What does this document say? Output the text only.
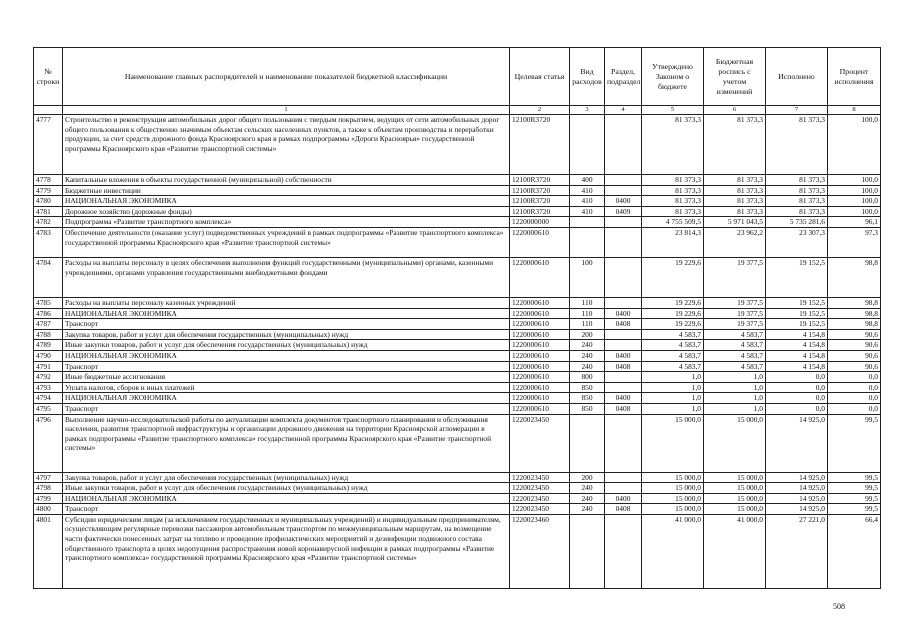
№ строки	Наименование главных распорядителей и наименование показателей бюджетной классификации	Целевая статья	Вид расходов	Раздел, подраздел	Утверждено Законом о бюджете	Бюджетная роспись с учетом изменений	Исполнено	Процент исполнения
	1	2	3	4	5	6	7	8
4777	Строительство и реконструкция автомобильных дорог общего пользования с твердым покрытием, ведущих от сети автомобильных дорог общего пользования к общественно значимым объектам сельских населенных пунктов, а также к объектам производства и переработки продукции, за счет средств дорожного фонда Красноярского края в рамках подпрограммы «Дороги Красноярья» государственной программы Красноярского края «Развитие транспортной системы»	12100R3720			81 373,3	81 373,3	81 373,3	100,0
4778	Капитальные вложения в объекты государственной (муниципальной) собственности	12100R3720	400		81 373,3	81 373,3	81 373,3	100,0
4779	Бюджетные инвестиции	12100R3720	410		81 373,3	81 373,3	81 373,3	100,0
4780	НАЦИОНАЛЬНАЯ ЭКОНОМИКА	12100R3720	410	0400	81 373,3	81 373,3	81 373,3	100,0
4781	Дорожное хозяйство (дорожные фонды)	12100R3720	410	0409	81 373,3	81 373,3	81 373,3	100,0
4782	Подпрограмма «Развитие транспортного комплекса»	1220000000			4 755 509,5	5 971 043,5	5 735 281,6	96,1
4783	Обеспечение деятельности (оказание услуг) подведомственных учреждений в рамках подпрограммы «Развитие транспортного комплекса» государственной программы Красноярского края «Развитие транспортной системы»	1220000610			23 814,3	23 962,2	23 307,3	97,3
4784	Расходы на выплаты персоналу в целях обеспечения выполнения функций государственными (муниципальными) органами, казенными учреждениями, органами управления государственными внебюджетными фондами	1220000610	100		19 229,6	19 377,5	19 152,5	98,8
4785	Расходы на выплаты персоналу казенных учреждений	1220000610	110		19 229,6	19 377,5	19 152,5	98,8
4786	НАЦИОНАЛЬНАЯ ЭКОНОМИКА	1220000610	110	0400	19 229,6	19 377,5	19 152,5	98,8
4787	Транспорт	1220000610	110	0408	19 229,6	19 377,5	19 152,5	98,8
4788	Закупка товаров, работ и услуг для обеспечения государственных (муниципальных) нужд	1220000610	200		4 583,7	4 583,7	4 154,8	90,6
4789	Иные закупки товаров, работ и услуг для обеспечения государственных (муниципальных) нужд	1220000610	240		4 583,7	4 583,7	4 154,8	90,6
4790	НАЦИОНАЛЬНАЯ ЭКОНОМИКА	1220000610	240	0400	4 583,7	4 583,7	4 154,8	90,6
4791	Транспорт	1220000610	240	0408	4 583,7	4 583,7	4 154,8	90,6
4792	Иные бюджетные ассигнования	1220000610	800		1,0	1,0	0,0	0,0
4793	Уплата налогов, сборов и иных платежей	1220000610	850		1,0	1,0	0,0	0,0
4794	НАЦИОНАЛЬНАЯ ЭКОНОМИКА	1220000610	850	0400	1,0	1,0	0,0	0,0
4795	Транспорт	1220000610	850	0408	1,0	1,0	0,0	0,0
4796	Выполнение научно-исследовательской работы по актуализации комплекта документов транспортного планирования и обслуживания населения, развития транспортной инфраструктуры и организации дорожного движения на территории Красноярской агломерации в рамках подпрограммы «Развитие транспортного комплекса» государственной программы Красноярского края «Развитие транспортной системы»	1220023450			15 000,0	15 000,0	14 925,0	99,5
4797	Закупка товаров, работ и услуг для обеспечения государственных (муниципальных) нужд	1220023450	200		15 000,0	15 000,0	14 925,0	99,5
4798	Иные закупки товаров, работ и услуг для обеспечения государственных (муниципальных) нужд	1220023450	240		15 000,0	15 000,0	14 925,0	99,5
4799	НАЦИОНАЛЬНАЯ ЭКОНОМИКА	1220023450	240	0400	15 000,0	15 000,0	14 925,0	99,5
4800	Транспорт	1220023450	240	0408	15 000,0	15 000,0	14 925,0	99,5
4801	Субсидии юридическим лицам (за исключением государственных и муниципальных учреждений) и индивидуальным предпринимателям, осуществляющим регулярные перевозки пассажиров автомобильным транспортом по межмуниципальным маршрутам, на возмещение части фактически понесенных затрат на топливо и проведение профилактических мероприятий и дезинфекции подвижного состава общественного транспорта в целях недопущения распространения новой коронавирусной инфекции в рамках подпрограммы «Развитие транспортного комплекса» государственной программы Красноярского края «Развитие транспортной системы»	1220023460			41 000,0	41 000,0	27 221,0	66,4
508
